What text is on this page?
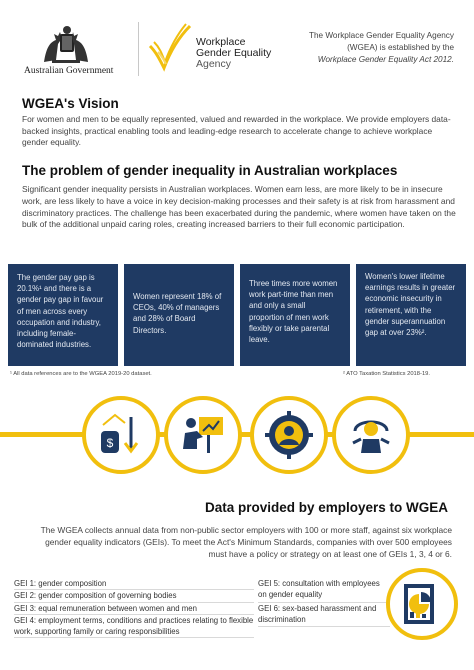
Australian Government
Workplace
Gender Equality
Agency
The Workplace Gender Equality Agency
(WGEA) is established by the
Workplace Gender Equality Act 2012.
WGEA's Vision

For women and men to be equally represented, valued and rewarded in the workplace. We provide employers data-backed insights, practical enabling tools and leading-edge research to accelerate change to achieve workplace gender equality.

The problem of gender inequality in Australian workplaces

Significant gender inequality persists in Australian workplaces. Women earn less, are more likely to be in insecure work, are less likely to have a voice in key decision-making processes and their safety is at risk from harassment and discriminatory practices. The challenge has been exacerbated during the pandemic, where women have taken on the bulk of the additional unpaid caring roles, creating increased barriers to their full economic participation.

The gender pay gap is 20.1%¹ and there is a gender pay gap in favour of men across every occupation and industry, including female-dominated industries.
Women represent 18% of CEOs, 40% of managers and 28% of Board Directors.
Three times more women work part-time than men and only a small proportion of men work flexibly or take parental leave.
Women's lower lifetime earnings results in greater economic insecurity in retirement, with the gender superannuation gap at over 23%².
¹ All data references are to the WGEA 2019-20 dataset.	² ATO Taxation Statistics 2018-19.
$
Data provided by employers to WGEA

The WGEA collects annual data from non-public sector employers with 100 or more staff, against six workplace gender equality indicators (GEIs). To meet the Act's Minimum Standards, companies with over 500 employees must have a policy or strategy on at least one of GEIs 1, 3, 4 or 6.

GEI 1: gender composition
GEI 2: gender composition of governing bodies
GEI 3: equal remuneration between women and men
GEI 4: employment terms, conditions and practices relating to flexible work, supporting family or caring responsibilities
GEI 5: consultation with employees on gender equality
GEI 6: sex-based harassment and discrimination
